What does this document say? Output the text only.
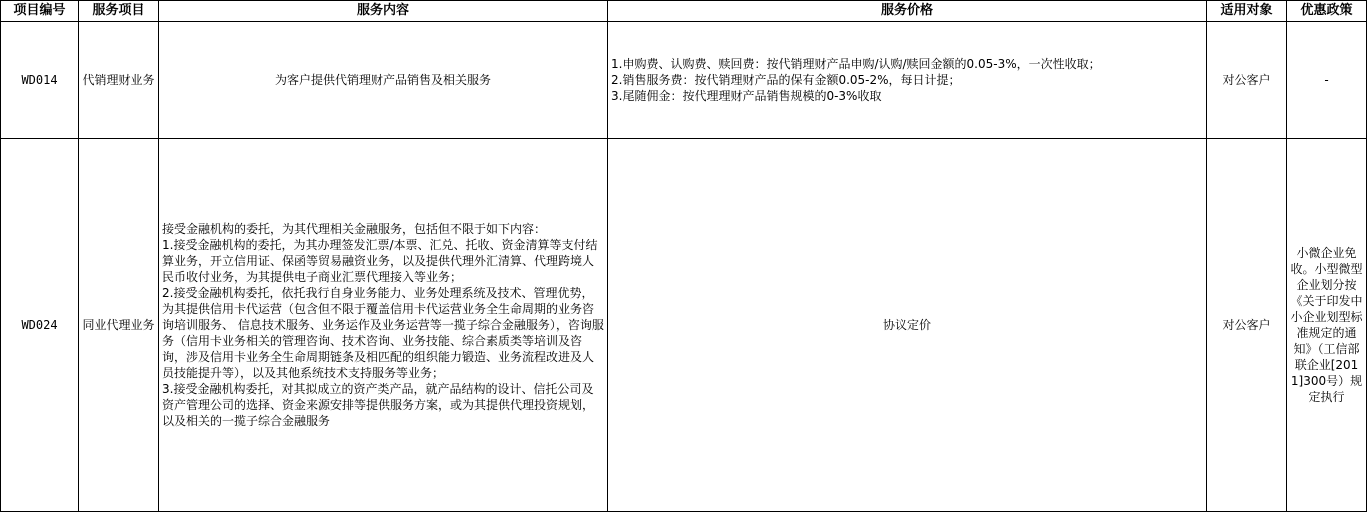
项目编号	服务项目	服务内容	服务价格	适用对象	优惠政策
WD014	代销理财业务	为客户提供代销理财产品销售及相关服务	1.申购费、认购费、赎回费：按代销理财产品申购/认购/赎回金额的0.05-3%，一次性收取；
2.销售服务费：按代销理财产品的保有金额0.05-2%，每日计提；
3.尾随佣金：按代理理财产品销售规模的0-3%收取	对公客户	-
WD024	同业代理业务	接受金融机构的委托，为其代理相关金融服务，包括但不限于如下内容：
1.接受金融机构的委托，为其办理签发汇票/本票、汇兑、托收、资金清算等支付结算业务，开立信用证、保函等贸易融资业务，以及提供代理外汇清算、代理跨境人民币收付业务，为其提供电子商业汇票代理接入等业务；
2.接受金融机构委托，依托我行自身业务能力、业务处理系统及技术、管理优势，为其提供信用卡代运营（包含但不限于覆盖信用卡代运营业务全生命周期的业务咨询培训服务、 信息技术服务、业务运作及业务运营等一揽子综合金融服务），咨询服务（信用卡业务相关的管理咨询、技术咨询、业务技能、综合素质类等培训及咨询，涉及信用卡业务全生命周期链条及相匹配的组织能力锻造、业务流程改进及人员技能提升等），以及其他系统技术支持服务等业务；
3.接受金融机构委托，对其拟成立的资产类产品，就产品结构的设计、信托公司及资产管理公司的选择、资金来源安排等提供服务方案，或为其提供代理投资规划，以及相关的一揽子综合金融服务	协议定价	对公客户	小微企业免收。小型微型企业划分按《关于印发中小企业划型标准规定的通知》（工信部联企业[2011]300号）规定执行
